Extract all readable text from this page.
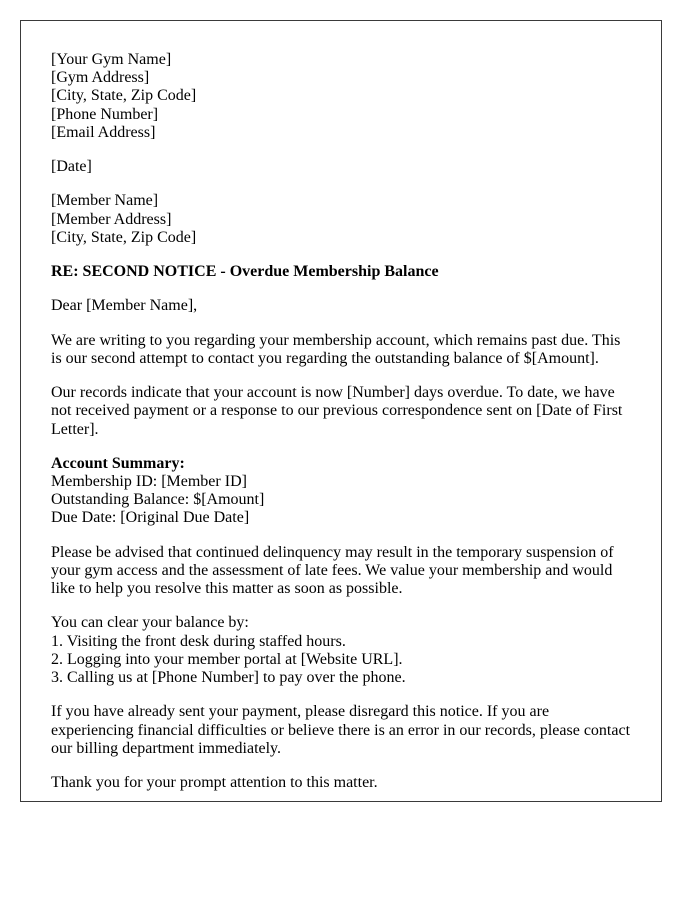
[Your Gym Name]
[Gym Address]
[City, State, Zip Code]
[Phone Number]
[Email Address]

[Date]

[Member Name]
[Member Address]
[City, State, Zip Code]

RE: SECOND NOTICE - Overdue Membership Balance

Dear [Member Name],

We are writing to you regarding your membership account, which remains past due. This is our second attempt to contact you regarding the outstanding balance of $[Amount].

Our records indicate that your account is now [Number] days overdue. To date, we have not received payment or a response to our previous correspondence sent on [Date of First Letter].

Account Summary:
Membership ID: [Member ID]
Outstanding Balance: $[Amount]
Due Date: [Original Due Date]

Please be advised that continued delinquency may result in the temporary suspension of your gym access and the assessment of late fees. We value your membership and would like to help you resolve this matter as soon as possible.

You can clear your balance by:
1. Visiting the front desk during staffed hours.
2. Logging into your member portal at [Website URL].
3. Calling us at [Phone Number] to pay over the phone.

If you have already sent your payment, please disregard this notice. If you are experiencing financial difficulties or believe there is an error in our records, please contact our billing department immediately.

Thank you for your prompt attention to this matter.
